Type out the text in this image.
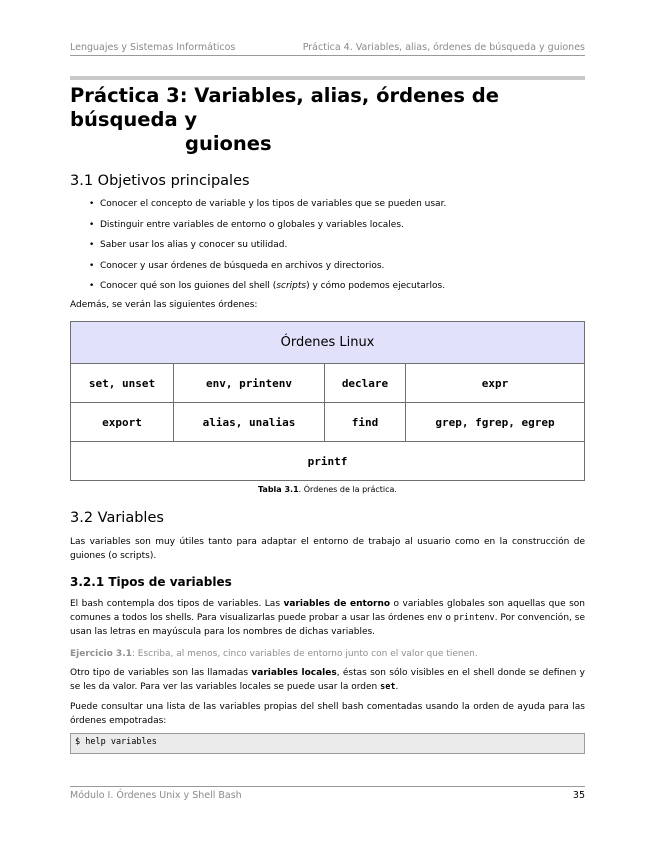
Lenguajes y Sistemas Informáticos	Práctica 4. Variables, alias, órdenes de búsqueda y guiones
Práctica 3: Variables, alias, órdenes de búsqueda y
guiones
3.1 Objetivos principales
• Conocer el concepto de variable y los tipos de variables que se pueden usar.
• Distinguir entre variables de entorno o globales y variables locales.
• Saber usar los alias y conocer su utilidad.
• Conocer y usar órdenes de búsqueda en archivos y directorios.
• Conocer qué son los guiones del shell (scripts) y cómo podemos ejecutarlos.

Además, se verán las siguientes órdenes:

Órdenes Linux			
set, unset	env, printenv	declare	expr
export	alias, unalias	find	grep, fgrep, egrep
printf			
Tabla 3.1. Órdenes de la práctica.
3.2 Variables

Las variables son muy útiles tanto para adaptar el entorno de trabajo al usuario como en la construcción de guiones (o scripts).

3.2.1 Tipos de variables

El bash contempla dos tipos de variables. Las variables de entorno o variables globales son aquellas que son comunes a todos los shells. Para visualizarlas puede probar a usar las órdenes env o printenv. Por convención, se usan las letras en mayúscula para los nombres de dichas variables.

Ejercicio 3.1: Escriba, al menos, cinco variables de entorno junto con el valor que tienen.

Otro tipo de variables son las llamadas variables locales, éstas son sólo visibles en el shell donde se definen y se les da valor. Para ver las variables locales se puede usar la orden set.

Puede consultar una lista de las variables propias del shell bash comentadas usando la orden de ayuda para las órdenes empotradas:

$ help variables
Módulo I. Órdenes Unix y Shell Bash	35
